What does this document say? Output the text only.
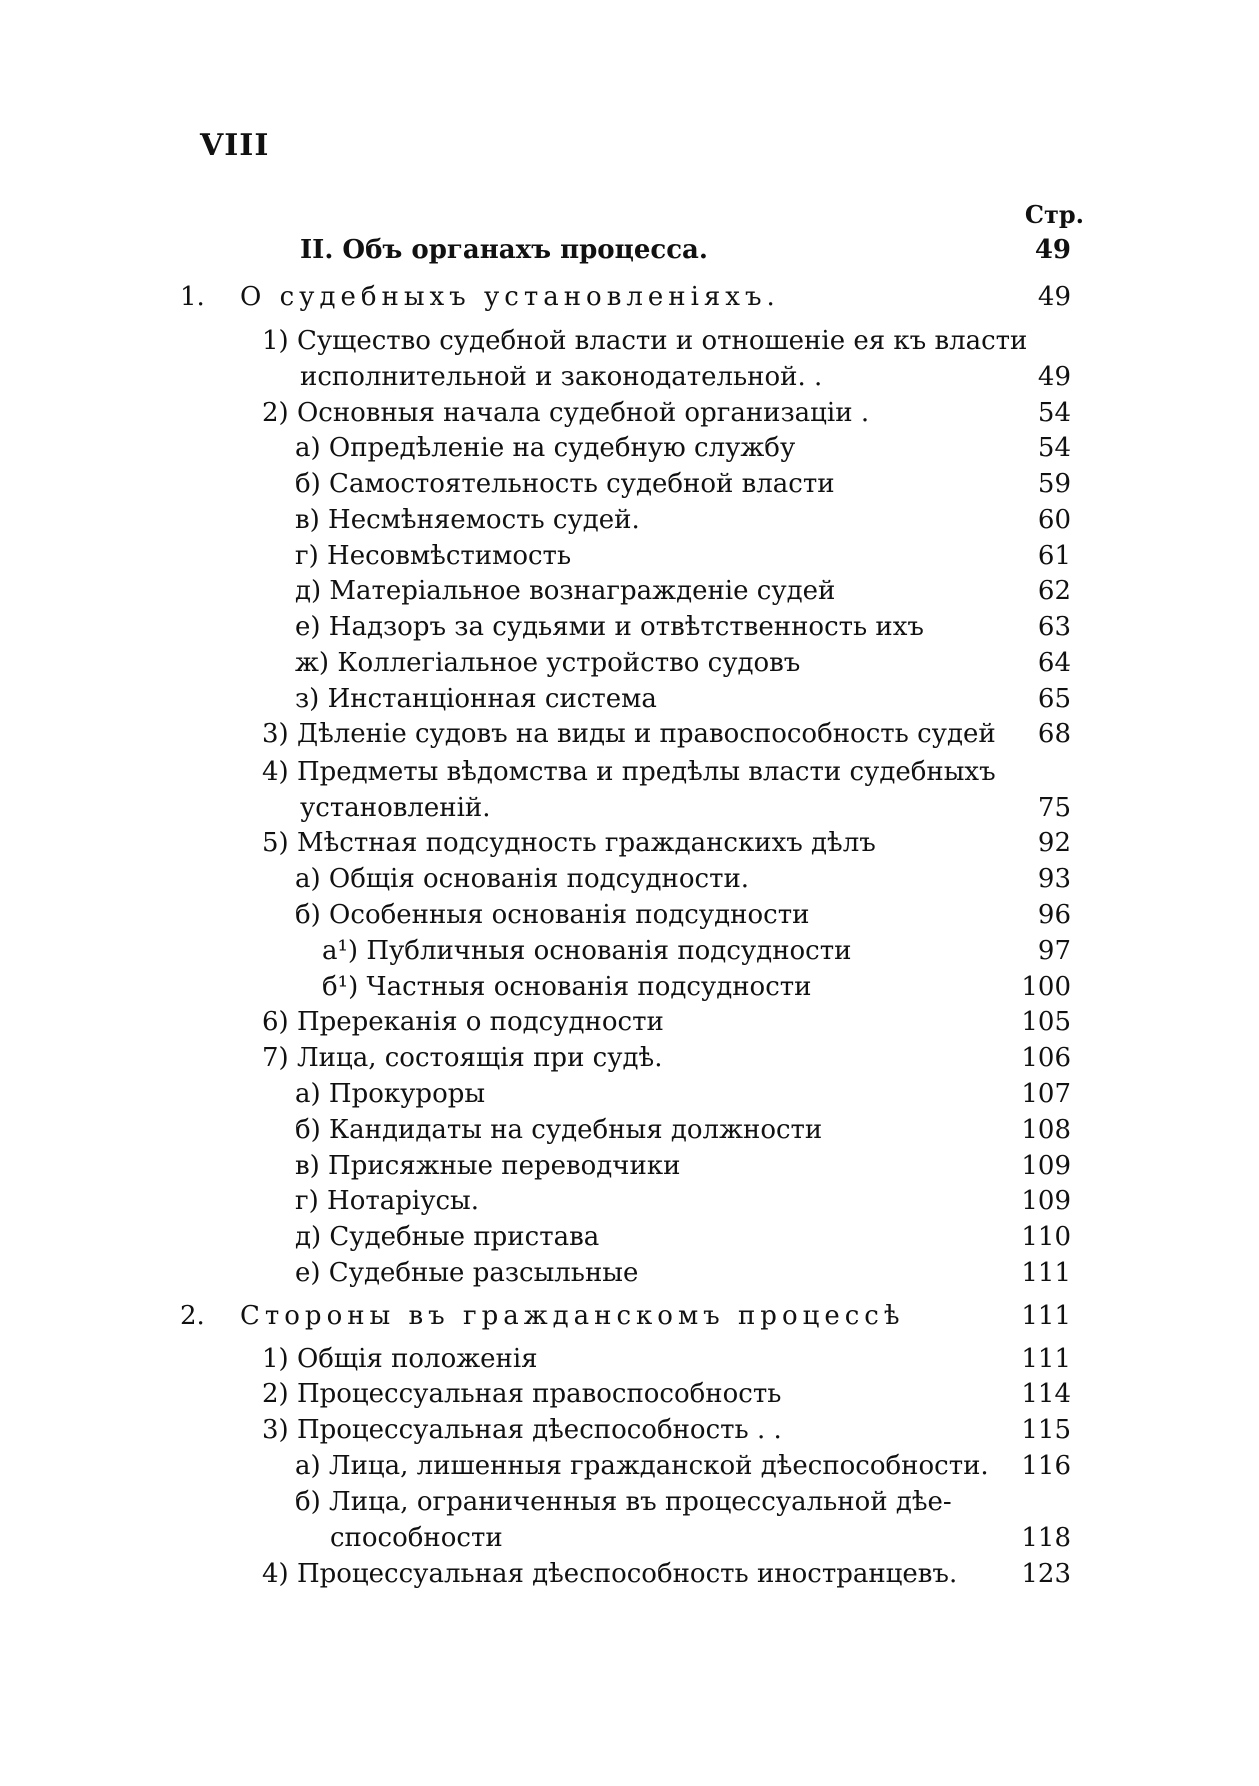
VIII
Стр.
II. Объ органахъ процесса.	49
1. О судебныхъ установленіяхъ.	49
1) Существо судебной власти и отношеніе ея къ власти
исполнительной и законодательной. .	49
2) Основныя начала судебной организаціи .	54
а) Опредѣленіе на судебную службу	54
б) Самостоятельность судебной власти	59
в) Несмѣняемость судей.	60
г) Несовмѣстимость	61
д) Матеріальное вознагражденіе судей	62
е) Надзоръ за судьями и отвѣтственность ихъ	63
ж) Коллегіальное устройство судовъ	64
з) Инстанціонная система	65
3) Дѣленіе судовъ на виды и правоспособность судей 68
4) Предметы вѣдомства и предѣлы власти судебныхъ
установленій.	75
5) Мѣстная подсудность гражданскихъ дѣлъ	92
а) Общія основанія подсудности.	93
б) Особенныя основанія подсудности	96
а¹) Публичныя основанія подсудности	97
б¹) Частныя основанія подсудности	100
6) Пререканія о подсудности	105
7) Лица, состоящія при судѣ.	106
а) Прокуроры	107
б) Кандидаты на судебныя должности	108
в) Присяжные переводчики	109
г) Нотаріусы.	109
д) Судебные пристава	110
е) Судебные разсыльные	111
2. Стороны въ гражданскомъ процессѣ	111
1) Общія положенія	111
2) Процессуальная правоспособность	114
3) Процессуальная дѣеспособность . .	115
а) Лица, лишенныя гражданской дѣеспособности. 116
б) Лица, ограниченныя въ процессуальной дѣе-
способности	118
4) Процессуальная дѣеспособность иностранцевъ. 123
